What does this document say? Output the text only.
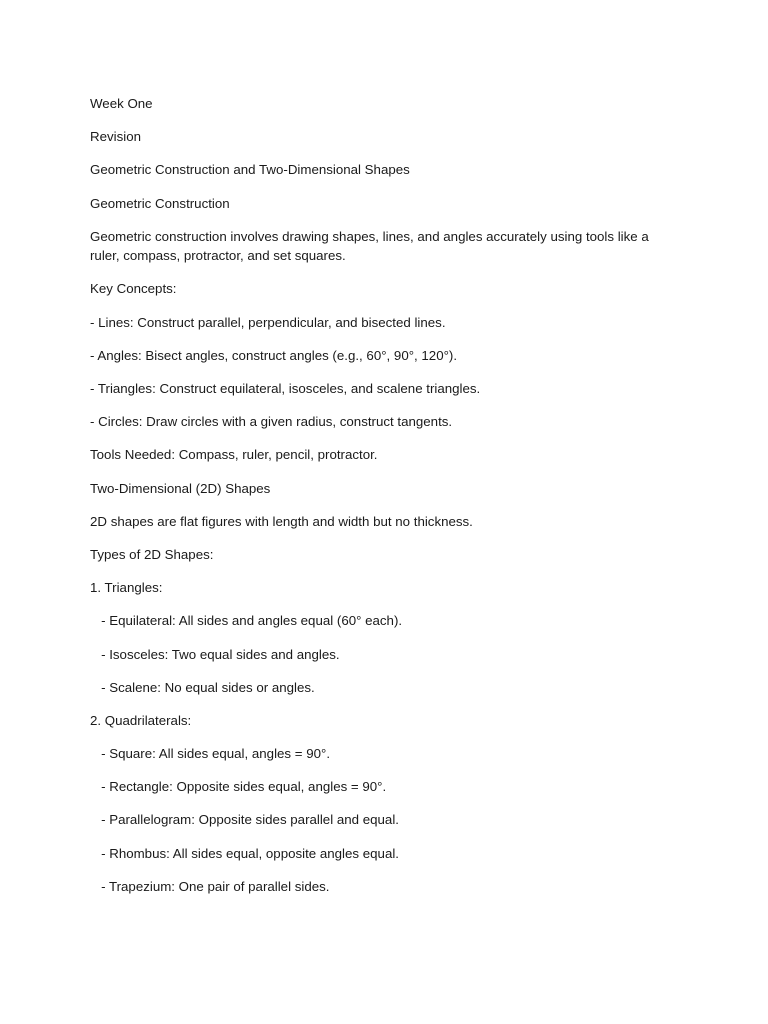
Week One

Revision

Geometric Construction and Two-Dimensional Shapes

Geometric Construction

Geometric construction involves drawing shapes, lines, and angles accurately using tools like a ruler, compass, protractor, and set squares.

Key Concepts:

- Lines: Construct parallel, perpendicular, and bisected lines.

- Angles: Bisect angles, construct angles (e.g., 60°, 90°, 120°).

- Triangles: Construct equilateral, isosceles, and scalene triangles.

- Circles: Draw circles with a given radius, construct tangents.

Tools Needed: Compass, ruler, pencil, protractor.

Two-Dimensional (2D) Shapes

2D shapes are flat figures with length and width but no thickness.

Types of 2D Shapes:

1. Triangles:

- Equilateral: All sides and angles equal (60° each).

- Isosceles: Two equal sides and angles.

- Scalene: No equal sides or angles.

2. Quadrilaterals:

- Square: All sides equal, angles = 90°.

- Rectangle: Opposite sides equal, angles = 90°.

- Parallelogram: Opposite sides parallel and equal.

- Rhombus: All sides equal, opposite angles equal.

- Trapezium: One pair of parallel sides.
